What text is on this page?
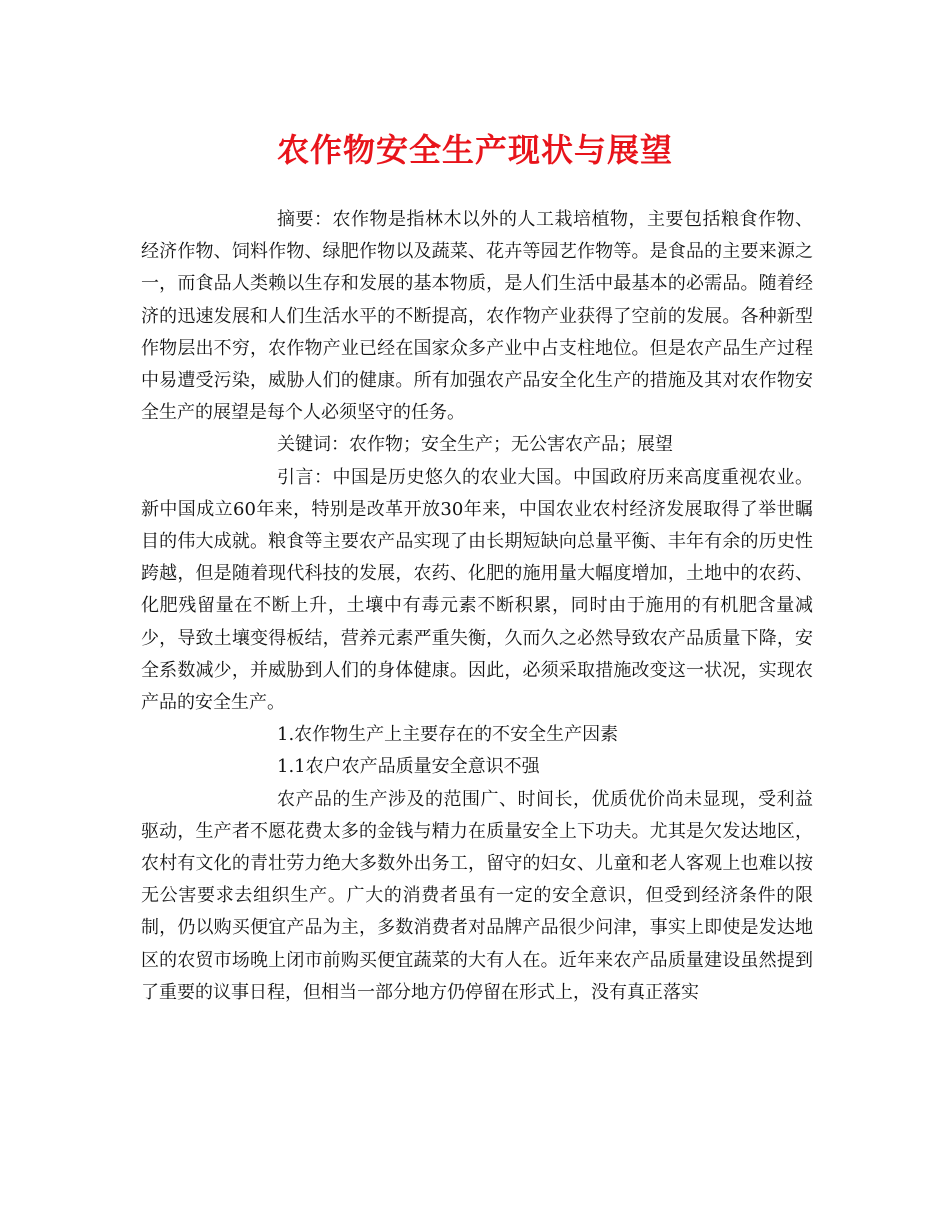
农作物安全生产现状与展望

摘要：农作物是指林木以外的人工栽培植物，主要包括粮食作物、经济作物、饲料作物、绿肥作物以及蔬菜、花卉等园艺作物等。是食品的主要来源之一，而食品人类赖以生存和发展的基本物质，是人们生活中最基本的必需品。随着经济的迅速发展和人们生活水平的不断提高，农作物产业获得了空前的发展。各种新型作物层出不穷，农作物产业已经在国家众多产业中占支柱地位。但是农产品生产过程中易遭受污染，威胁人们的健康。所有加强农产品安全化生产的措施及其对农作物安全生产的展望是每个人必须坚守的任务。

关键词：农作物；安全生产；无公害农产品；展望

引言：中国是历史悠久的农业大国。中国政府历来高度重视农业。新中国成立60年来，特别是改革开放30年来，中国农业农村经济发展取得了举世瞩目的伟大成就。粮食等主要农产品实现了由长期短缺向总量平衡、丰年有余的历史性跨越，但是随着现代科技的发展，农药、化肥的施用量大幅度增加，土地中的农药、化肥残留量在不断上升，土壤中有毒元素不断积累，同时由于施用的有机肥含量减少，导致土壤变得板结，营养元素严重失衡，久而久之必然导致农产品质量下降，安全系数减少，并威胁到人们的身体健康。因此，必须采取措施改变这一状况，实现农产品的安全生产。

1.农作物生产上主要存在的不安全生产因素

1.1农户农产品质量安全意识不强

农产品的生产涉及的范围广、时间长，优质优价尚未显现，受利益驱动，生产者不愿花费太多的金钱与精力在质量安全上下功夫。尤其是欠发达地区，农村有文化的青壮劳力绝大多数外出务工，留守的妇女、儿童和老人客观上也难以按无公害要求去组织生产。广大的消费者虽有一定的安全意识，但受到经济条件的限制，仍以购买便宜产品为主，多数消费者对品牌产品很少问津，事实上即使是发达地区的农贸市场晚上闭市前购买便宜蔬菜的大有人在。近年来农产品质量建设虽然提到了重要的议事日程，但相当一部分地方仍停留在形式上，没有真正落实
